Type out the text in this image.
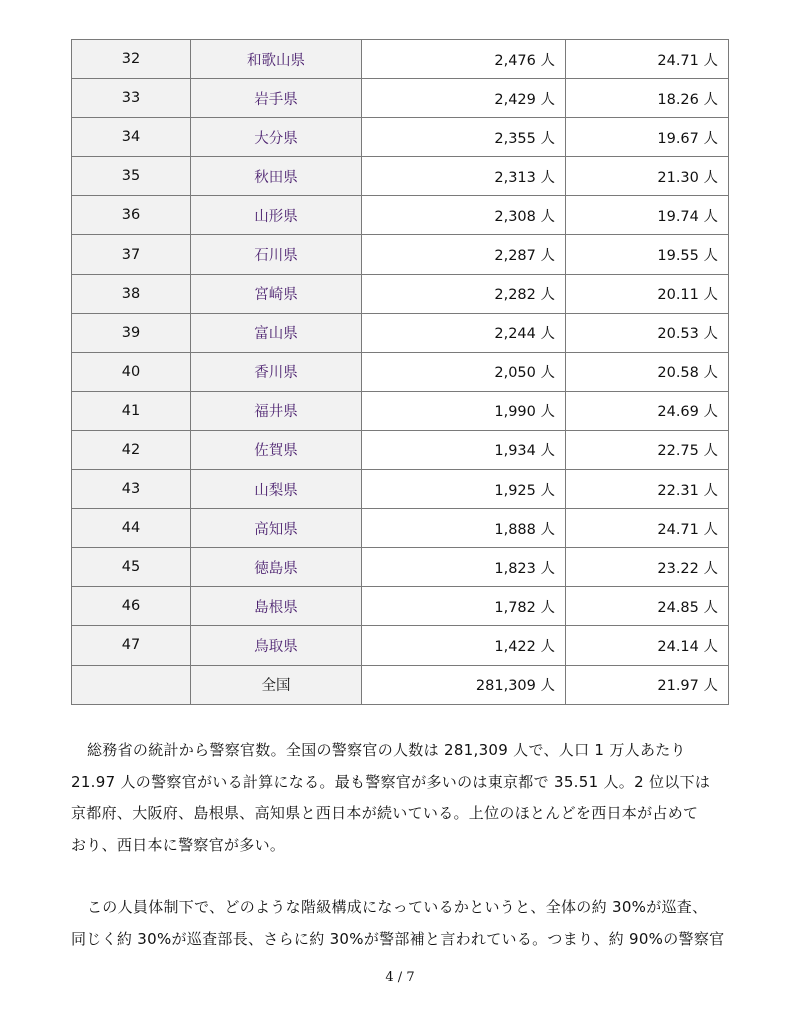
32	和歌山県	2,476 人	24.71 人
33	岩手県	2,429 人	18.26 人
34	大分県	2,355 人	19.67 人
35	秋田県	2,313 人	21.30 人
36	山形県	2,308 人	19.74 人
37	石川県	2,287 人	19.55 人
38	宮崎県	2,282 人	20.11 人
39	富山県	2,244 人	20.53 人
40	香川県	2,050 人	20.58 人
41	福井県	1,990 人	24.69 人
42	佐賀県	1,934 人	22.75 人
43	山梨県	1,925 人	22.31 人
44	高知県	1,888 人	24.71 人
45	徳島県	1,823 人	23.22 人
46	島根県	1,782 人	24.85 人
47	鳥取県	1,422 人	24.14 人
	全国	281,309 人	21.97 人
総務省の統計から警察官数。全国の警察官の人数は 281,309 人で、人口 1 万人あたり
21.97 人の警察官がいる計算になる。最も警察官が多いのは東京都で 35.51 人。2 位以下は
京都府、大阪府、島根県、高知県と西日本が続いている。上位のほとんどを西日本が占めて
おり、西日本に警察官が多い。
この人員体制下で、どのような階級構成になっているかというと、全体の約 30%が巡査、
同じく約 30%が巡査部長、さらに約 30%が警部補と言われている。つまり、約 90%の警察官
4 / 7
